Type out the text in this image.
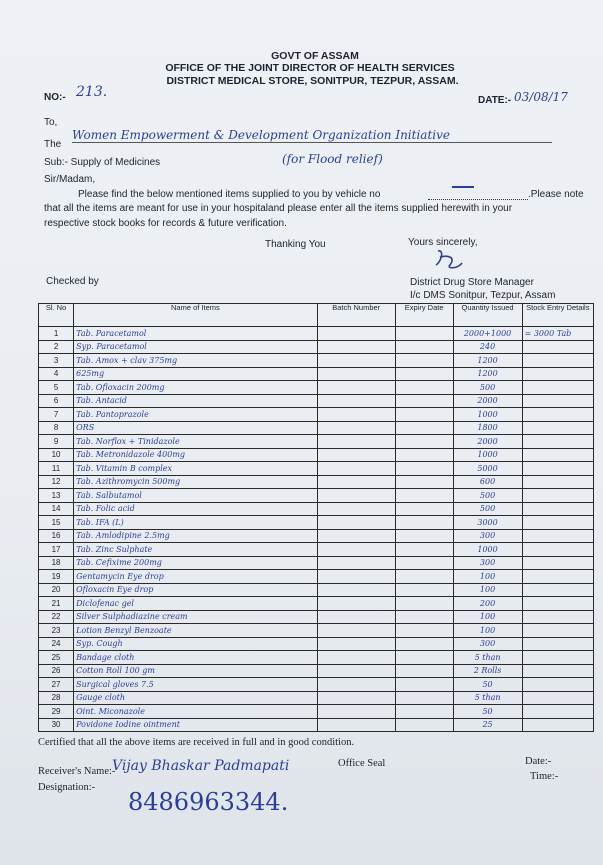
GOVT OF ASSAM
OFFICE OF THE JOINT DIRECTOR OF HEALTH SERVICES
DISTRICT MEDICAL STORE, SONITPUR, TEZPUR, ASSAM.
NO:- 213.
DATE:- 03/08/17
To,
The
Women Empowerment & Development Organization Initiative
Sub:- Supply of Medicines	(for Flood relief)
Sir/Madam,
Please find the below mentioned items supplied to you by vehicle no	.Please note
that all the items are meant for use in your hospitaland please enter all the items supplied herewith in your
respective stock books for records & future verification.
Thanking You	Yours sincerely,
Checked by	District Drug Store Manager
I/c DMS Sonitpur, Tezpur, Assam
Sl. No	Name of Items	Batch Number	Expiry Date	Quantity Issued	Stock Entry Details
1	Tab. Paracetamol			2000+1000	= 3000 Tab
2	Syp. Paracetamol			240	
3	Tab. Amox + clav 375mg			1200	
4	625mg			1200	
5	Tab. Ofloxacin 200mg			500	
6	Tab. Antacid			2000	
7	Tab. Pantoprazole			1000	
8	ORS			1800	
9	Tab. Norflox + Tinidazole			2000	
10	Tab. Metronidazole 400mg			1000	
11	Tab. Vitamin B complex			5000	
12	Tab. Azithromycin 500mg			600	
13	Tab. Salbutamol			500	
14	Tab. Folic acid			500	
15	Tab. IFA (L)			3000	
16	Tab. Amlodipine 2.5mg			300	
17	Tab. Zinc Sulphate			1000	
18	Tab. Cefixime 200mg			300	
19	Gentamycin Eye drop			100	
20	Ofloxacin Eye drop			100	
21	Diclofenac gel			200	
22	Silver Sulphadiazine cream			100	
23	Lotion Benzyl Benzoate			100	
24	Syp. Cough			300	
25	Bandage cloth			5 than	
26	Cotton Roll 100 gm			2 Rolls	
27	Surgical gloves 7.5			50	
28	Gauge cloth			5 than	
29	Oint. Miconazole			50	
30	Povidone Iodine ointment			25	
Certified that all the above items are received in full and in good condition.
Receiver's Name:-
Vijay Bhaskar Padmapati	Office Seal	Date:-
Time:-
Designation:-
8486963344.
